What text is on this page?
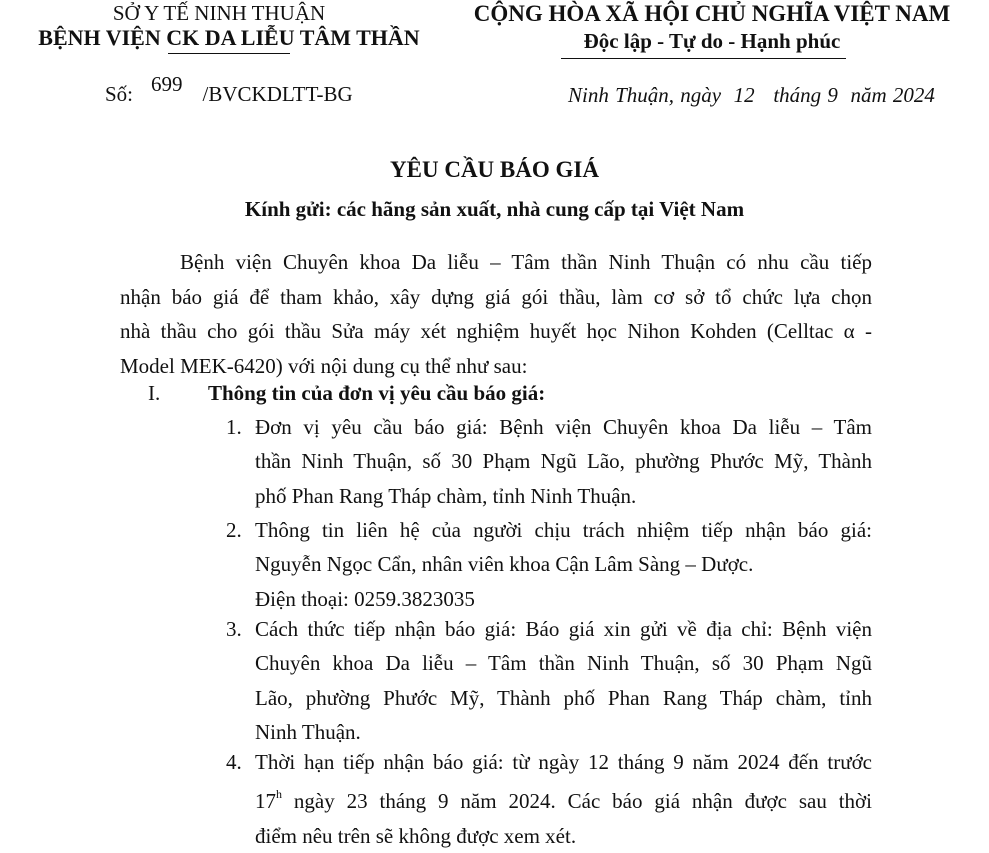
SỞ Y TẾ NINH THUẬN
BỆNH VIỆN CK DA LIỄU TÂM THẦN
CỘNG HÒA XÃ HỘI CHỦ NGHĨA VIỆT NAM
Độc lập - Tự do - Hạnh phúc
Số: 699 /BVCKDLTT-BG	Ninh Thuận, ngày 12 tháng 9 năm 2024
YÊU CẦU BÁO GIÁ
Kính gửi: các hãng sản xuất, nhà cung cấp tại Việt Nam
Bệnh viện Chuyên khoa Da liễu – Tâm thần Ninh Thuận có nhu cầu tiếp
nhận báo giá để tham khảo, xây dựng giá gói thầu, làm cơ sở tổ chức lựa chọn
nhà thầu cho gói thầu Sửa máy xét nghiệm huyết học Nihon Kohden (Celltac α -
Model MEK-6420) với nội dung cụ thể như sau:
I. Thông tin của đơn vị yêu cầu báo giá:
1. Đơn vị yêu cầu báo giá: Bệnh viện Chuyên khoa Da liễu – Tâm
thần Ninh Thuận, số 30 Phạm Ngũ Lão, phường Phước Mỹ, Thành
phố Phan Rang Tháp chàm, tỉnh Ninh Thuận.
2. Thông tin liên hệ của người chịu trách nhiệm tiếp nhận báo giá:
Nguyễn Ngọc Cẩn, nhân viên khoa Cận Lâm Sàng – Dược.
Điện thoại: 0259.3823035
3. Cách thức tiếp nhận báo giá: Báo giá xin gửi về địa chỉ: Bệnh viện
Chuyên khoa Da liễu – Tâm thần Ninh Thuận, số 30 Phạm Ngũ
Lão, phường Phước Mỹ, Thành phố Phan Rang Tháp chàm, tỉnh
Ninh Thuận.
4. Thời hạn tiếp nhận báo giá: từ ngày 12 tháng 9 năm 2024 đến trước
17$^h$ ngày 23 tháng 9 năm 2024. Các báo giá nhận được sau thời
điểm nêu trên sẽ không được xem xét.
